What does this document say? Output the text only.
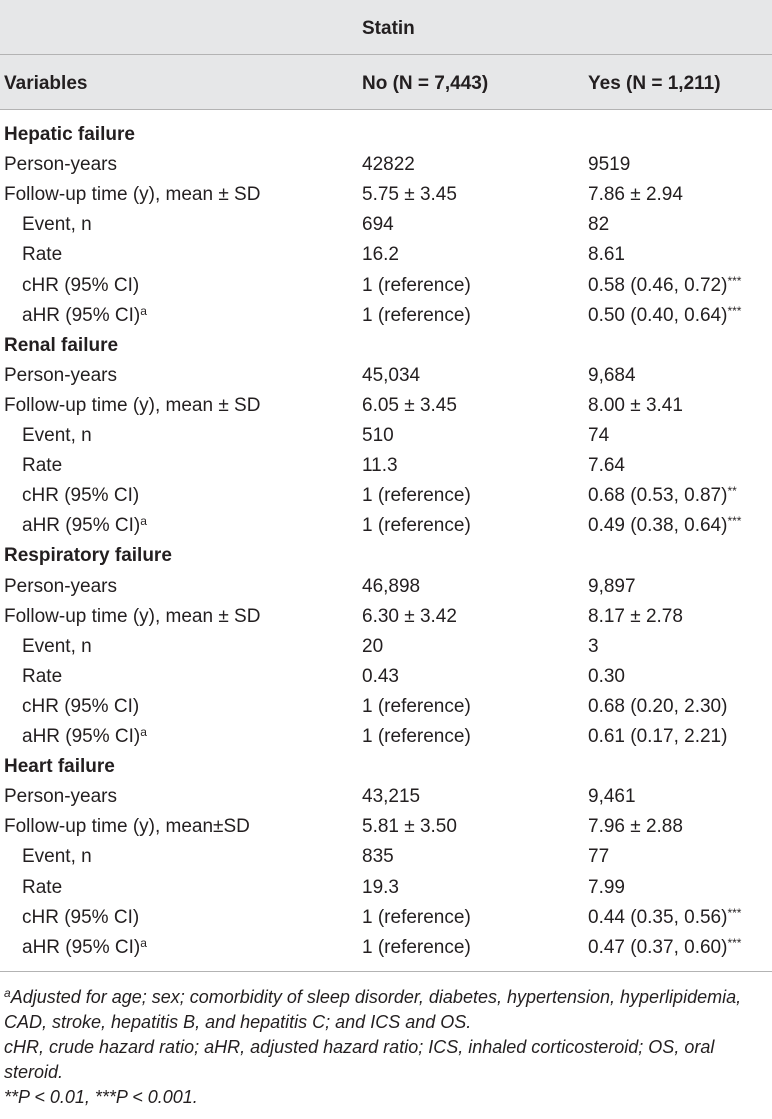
Statin
Variables	No (N = 7,443)	Yes (N = 1,211)
Hepatic failure
Person-years	42822	9519
Follow-up time (y), mean ± SD	5.75 ± 3.45	7.86 ± 2.94
Event, n	694	82
Rate	16.2	8.61
cHR (95% CI)	1 (reference)	0.58 (0.46, 0.72)***
aHR (95% CI)$^a$	1 (reference)	0.50 (0.40, 0.64)***
Renal failure
Person-years	45,034	9,684
Follow-up time (y), mean ± SD	6.05 ± 3.45	8.00 ± 3.41
Event, n	510	74
Rate	11.3	7.64
cHR (95% CI)	1 (reference)	0.68 (0.53, 0.87)**
aHR (95% CI)$^a$	1 (reference)	0.49 (0.38, 0.64)***
Respiratory failure
Person-years	46,898	9,897
Follow-up time (y), mean ± SD	6.30 ± 3.42	8.17 ± 2.78
Event, n	20	3
Rate	0.43	0.30
cHR (95% CI)	1 (reference)	0.68 (0.20, 2.30)
aHR (95% CI)$^a$	1 (reference)	0.61 (0.17, 2.21)
Heart failure
Person-years	43,215	9,461
Follow-up time (y), mean±SD	5.81 ± 3.50	7.96 ± 2.88
Event, n	835	77
Rate	19.3	7.99
cHR (95% CI)	1 (reference)	0.44 (0.35, 0.56)***
aHR (95% CI)$^a$	1 (reference)	0.47 (0.37, 0.60)***

$^a$Adjusted for age; sex; comorbidity of sleep disorder, diabetes, hypertension, hyperlipidemia, CAD, stroke, hepatitis B, and hepatitis C; and ICS and OS.

cHR, crude hazard ratio; aHR, adjusted hazard ratio; ICS, inhaled corticosteroid; OS, oral steroid.

**P < 0.01, ***P < 0.001.
